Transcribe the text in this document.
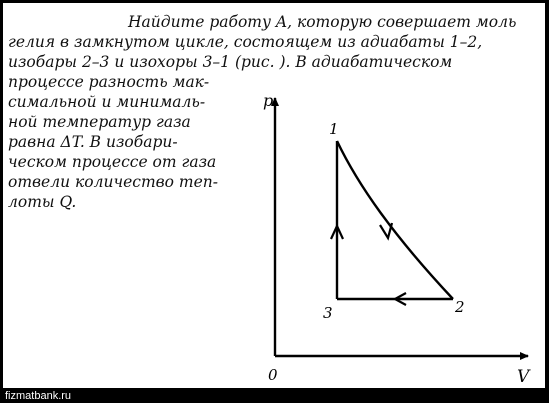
Найдите работу A, которую совершает моль
гелия в замкнутом цикле, состоящем из адиабаты 1–2,
изобары 2–3 и изохоры 3–1 (рис. ). В адиабатическом
процессе разность мак-
симальной и минималь-
ной температур газа
равна ΔT. В изобари-
ческом процессе от газа
отвели количество теп-
лоты Q.
p
V
0
1
2
3
fizmatbank.ru
